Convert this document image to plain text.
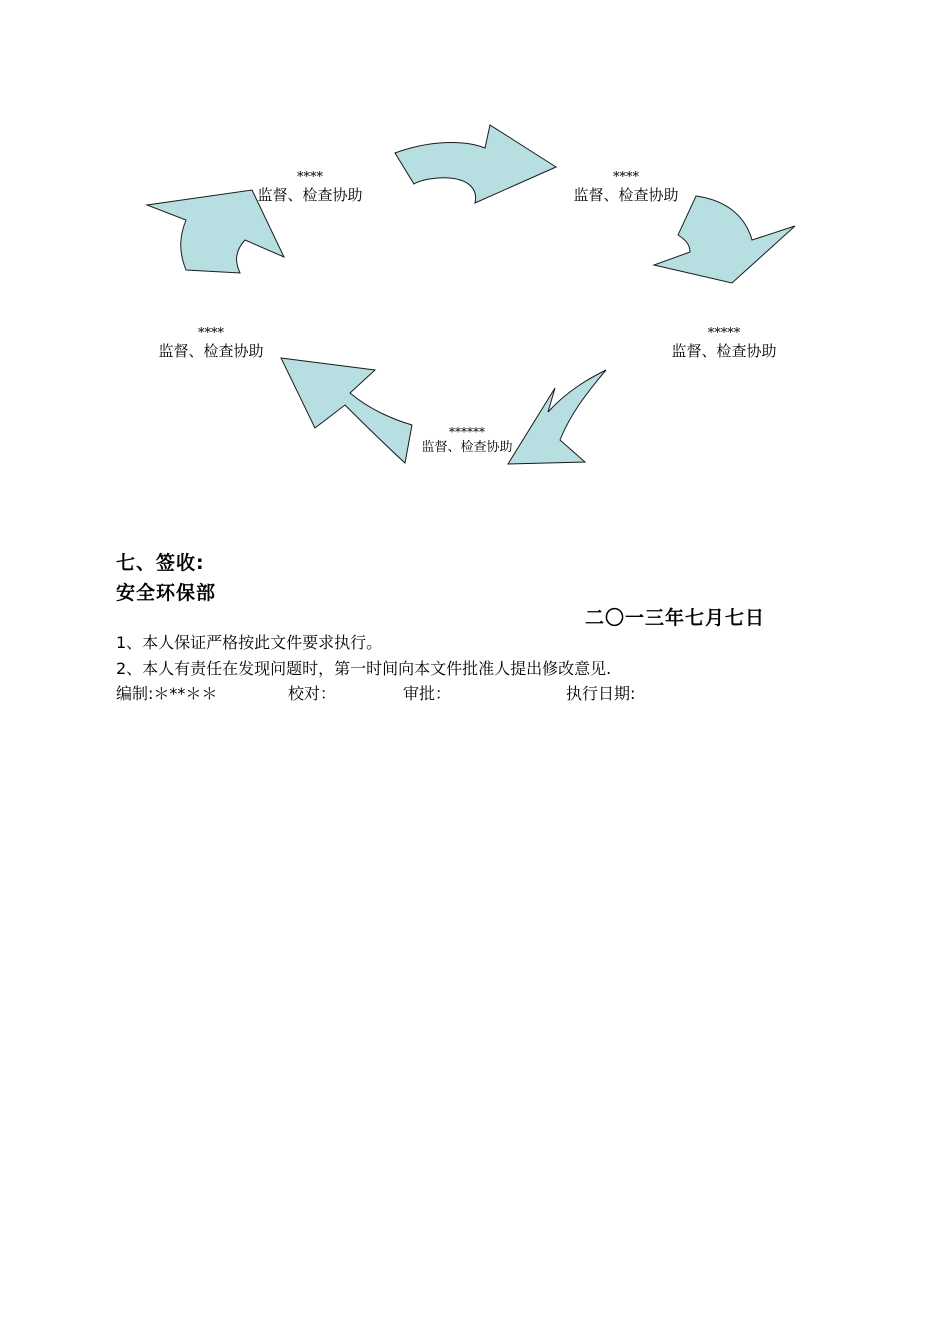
****
监督、检查协助
****
监督、检查协助
*****
监督、检查协助
******
监督、检查协助
****
监督、检查协助
七、签收:
安全环保部
二〇一三年七月七日
1、本人保证严格按此文件要求执行。
2、本人有责任在发现问题时，第一时间向本文件批准人提出修改意见.
编制:＊**＊＊	校对：	审批：	执行日期:
